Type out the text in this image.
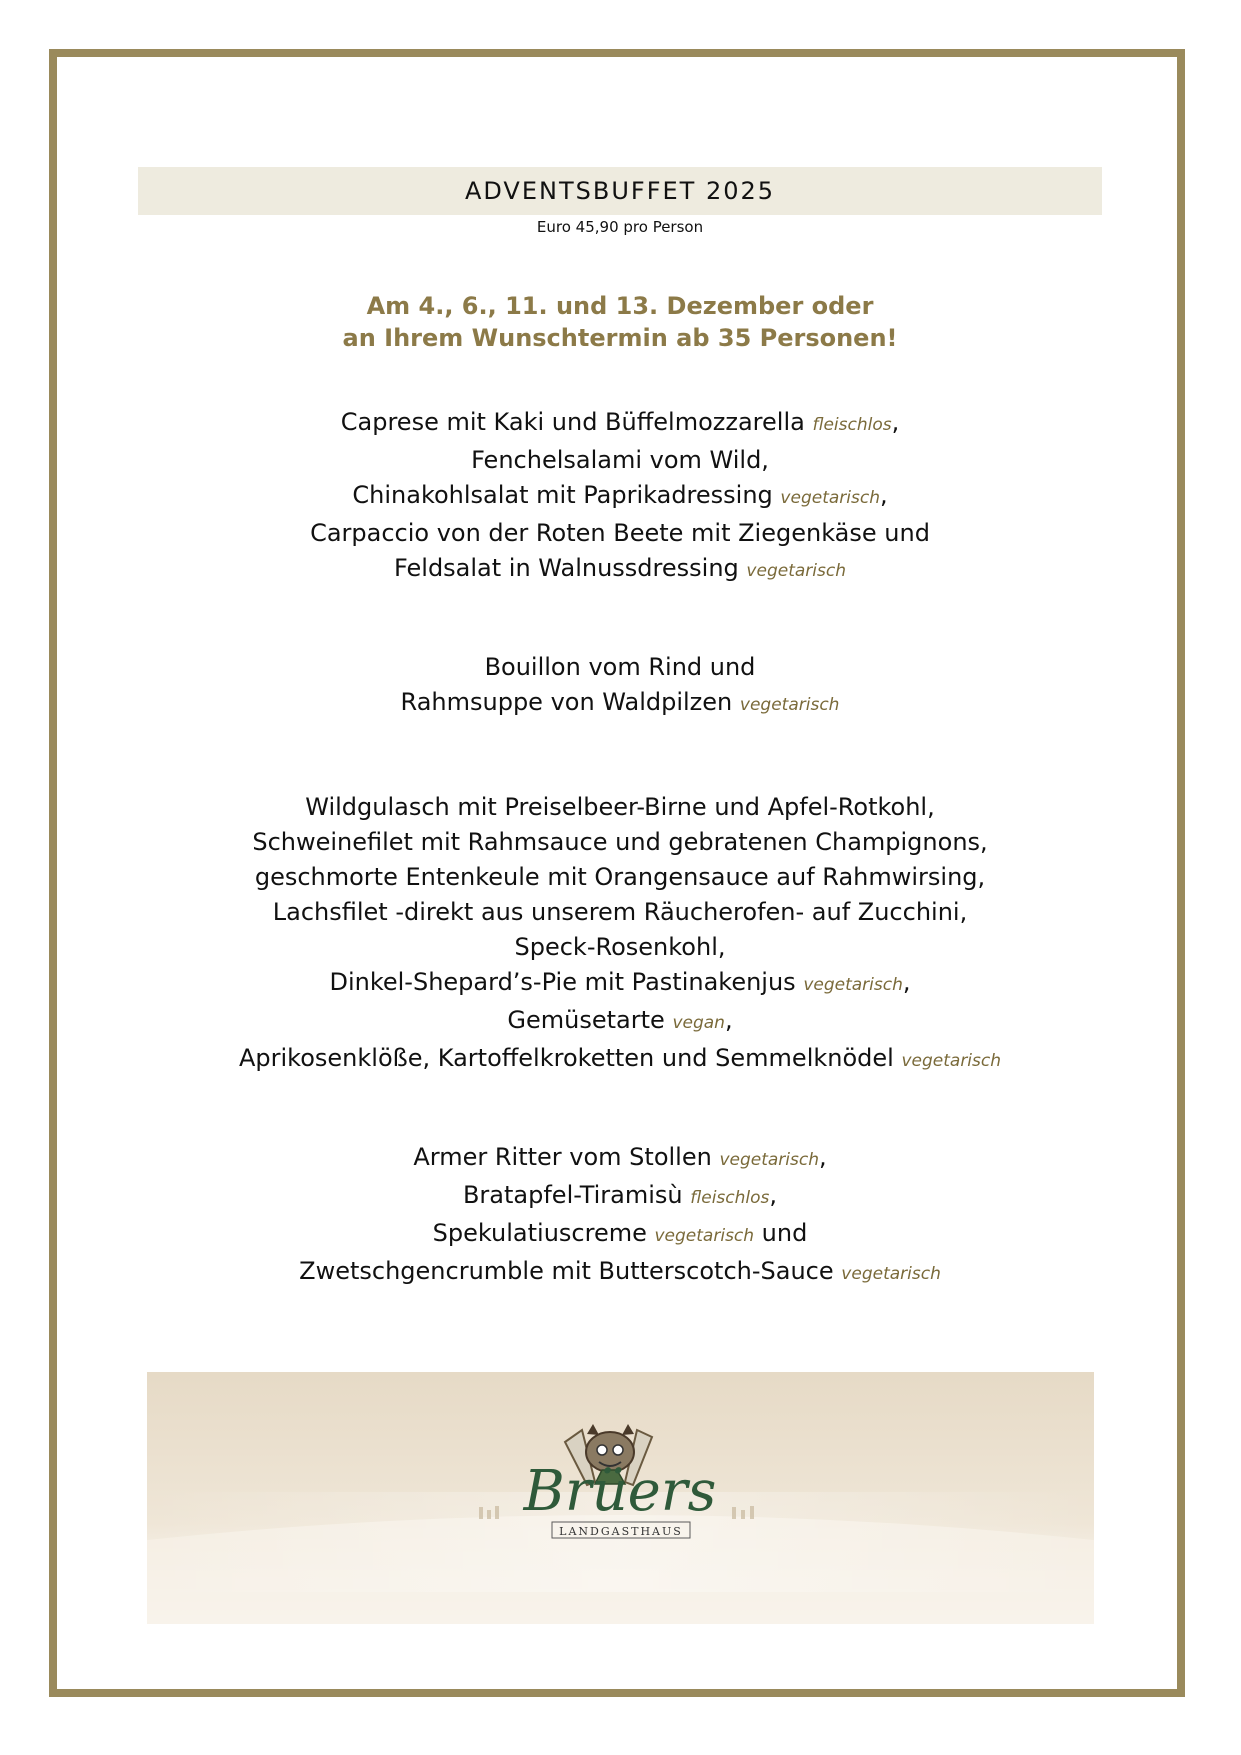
ADVENTSBUFFET 2025
Euro 45,90 pro Person
Am 4., 6., 11. und 13. Dezember oder
an Ihrem Wunschtermin ab 35 Personen!
Caprese mit Kaki und Büffelmozzarella fleischlos,
Fenchelsalami vom Wild,
Chinakohlsalat mit Paprikadressing vegetarisch,
Carpaccio von der Roten Beete mit Ziegenkäse und
Feldsalat in Walnussdressing vegetarisch
Bouillon vom Rind und
Rahmsuppe von Waldpilzen vegetarisch
Wildgulasch mit Preiselbeer-Birne und Apfel-Rotkohl,
Schweinefilet mit Rahmsauce und gebratenen Champignons,
geschmorte Entenkeule mit Orangensauce auf Rahmwirsing,
Lachsfilet -direkt aus unserem Räucherofen- auf Zucchini,
Speck-Rosenkohl,
Dinkel-Shepard’s-Pie mit Pastinakenjus vegetarisch,
Gemüsetarte vegan,
Aprikosenklöße, Kartoffelkroketten und Semmelknödel vegetarisch
Armer Ritter vom Stollen vegetarisch,
Bratapfel-Tiramisù fleischlos,
Spekulatiuscreme vegetarisch und
Zwetschgencrumble mit Butterscotch-Sauce vegetarisch
Brüers
LANDGASTHAUS
